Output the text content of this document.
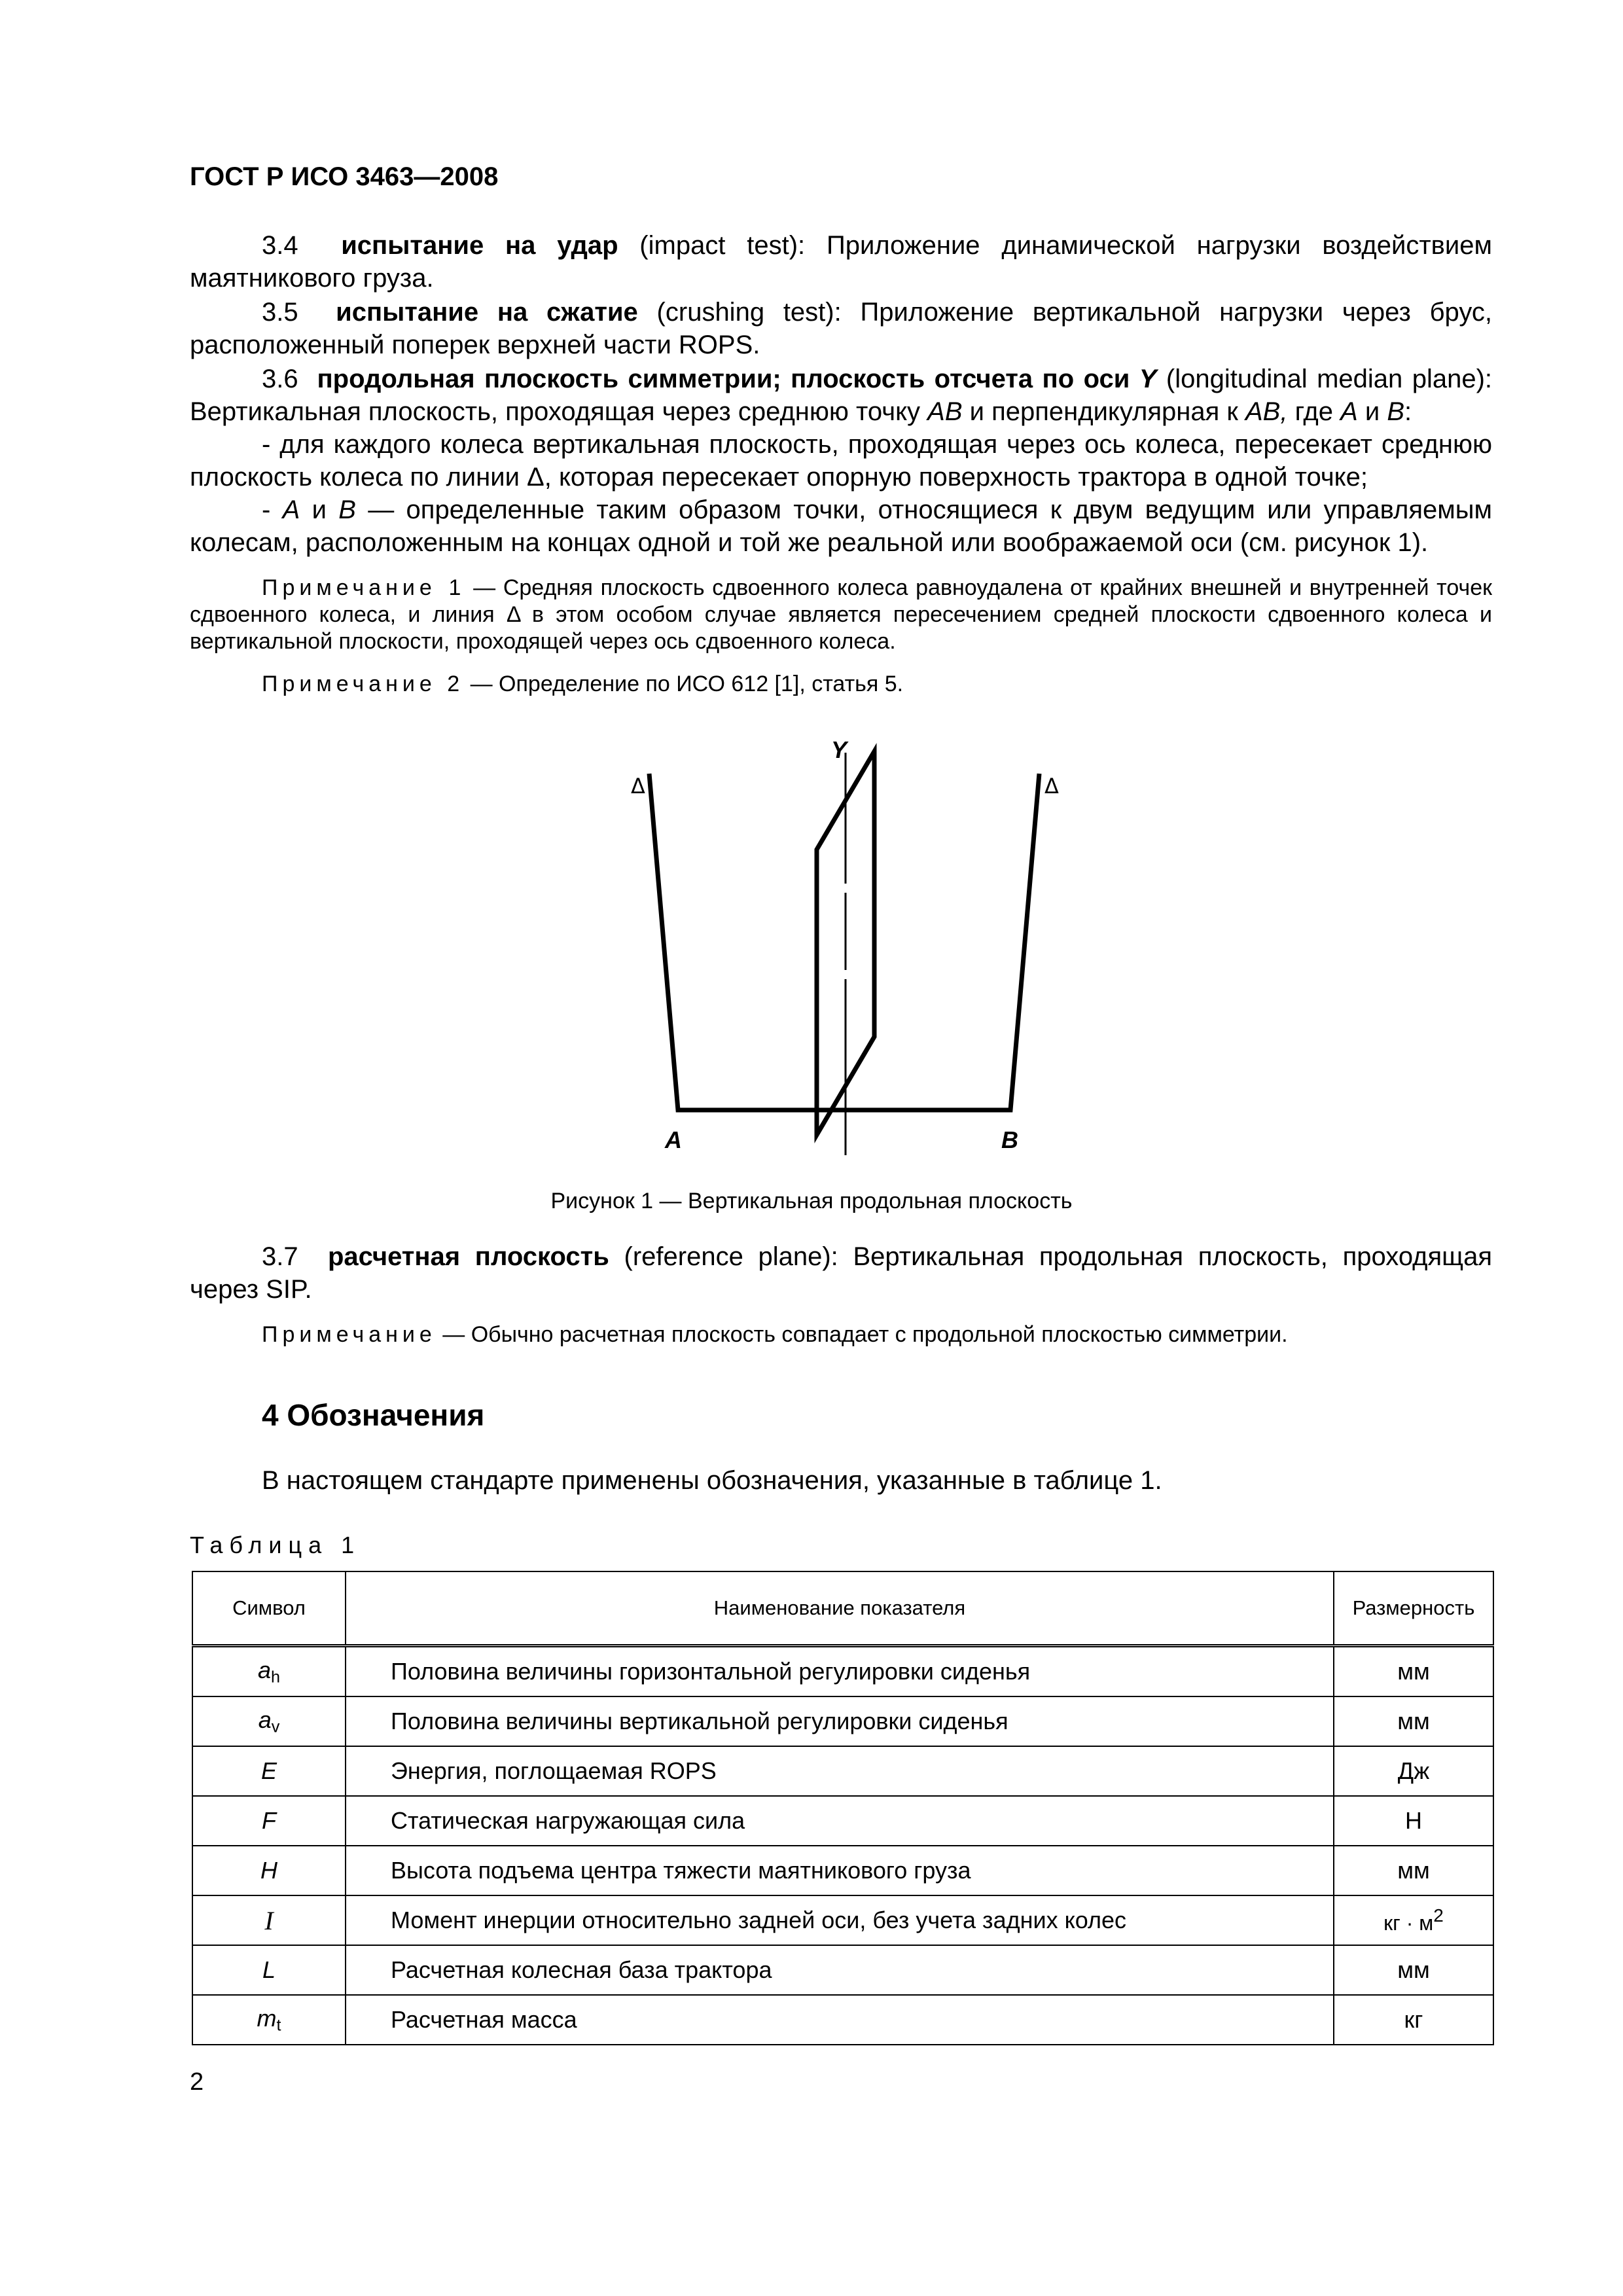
ГОСТ Р ИСО 3463—2008

3.4 испытание на удар (impact test): Приложение динамической нагрузки воздействием маятникового груза.

3.5 испытание на сжатие (crushing test): Приложение вертикальной нагрузки через брус, расположенный поперек верхней части ROPS.

3.6 продольная плоскость симметрии; плоскость отсчета по оси Y (longitudinal median plane): Вертикальная плоскость, проходящая через среднюю точку AB и перпендикулярная к AB, где A и B:

- для каждого колеса вертикальная плоскость, проходящая через ось колеса, пересекает среднюю плоскость колеса по линии Δ, которая пересекает опорную поверхность трактора в одной точке;

- A и B — определенные таким образом точки, относящиеся к двум ведущим или управляемым колесам, расположенным на концах одной и той же реальной или воображаемой оси (см. рисунок 1).

Примечание 1 — Средняя плоскость сдвоенного колеса равноудалена от крайних внешней и внутренней точек сдвоенного колеса, и линия Δ в этом особом случае является пересечением средней плоскости сдвоенного колеса и вертикальной плоскости, проходящей через ось сдвоенного колеса.

Примечание 2 — Определение по ИСО 612 [1], статья 5.

Y
Δ	Δ
A	B
Рисунок 1 — Вертикальная продольная плоскость

3.7 расчетная плоскость (reference plane): Вертикальная продольная плоскость, проходящая через SIP.

Примечание — Обычно расчетная плоскость совпадает с продольной плоскостью симметрии.

4 Обозначения
В настоящем стандарте применены обозначения, указанные в таблице 1.
Таблица 1
Символ	Наименование показателя	Размерность
$a_h$	Половина величины горизонтальной регулировки сиденья	мм
$a_v$	Половина величины вертикальной регулировки сиденья	мм
E	Энергия, поглощаемая ROPS	Дж
F	Статическая нагружающая сила	Н
H	Высота подъема центра тяжести маятникового груза	мм
I	Момент инерции относительно задней оси, без учета задних колес	кг · $м^2$
L	Расчетная колесная база трактора	мм
$m_t$	Расчетная масса	кг
2
